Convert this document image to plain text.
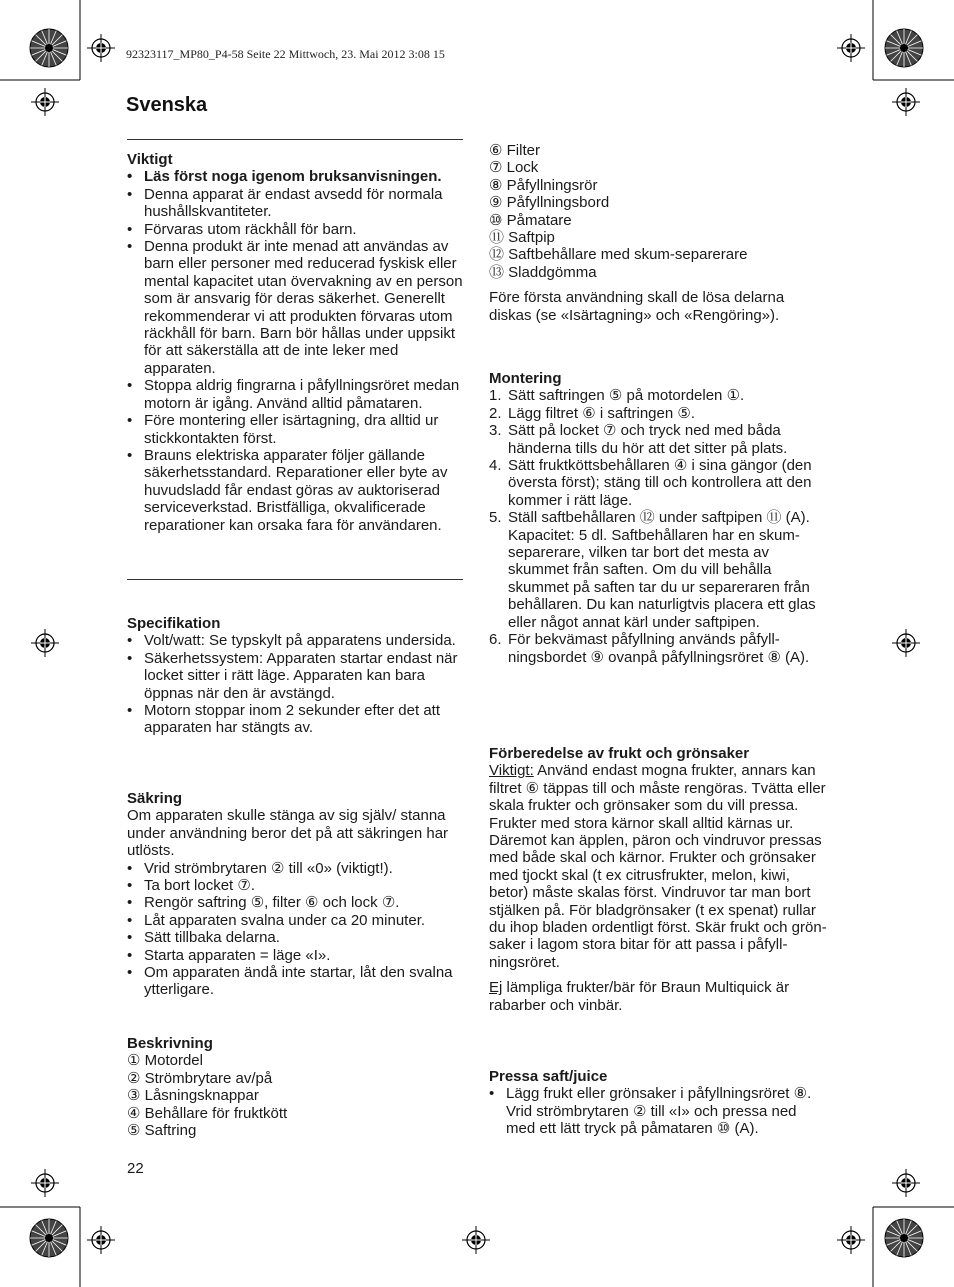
92323117_MP80_P4-58 Seite 22 Mittwoch, 23. Mai 2012 3:08 15
Svenska

Viktigt

• Läs först noga igenom bruksanvisningen.
• Denna apparat är endast avsedd för normala hushållskvantiteter.
• Förvaras utom räckhåll för barn.
• Denna produkt är inte menad att användas av barn eller personer med reducerad fyskisk eller mental kapacitet utan övervakning av en person som är ansvarig för deras säkerhet. Generellt rekommenderar vi att produkten förvaras utom räckhåll för barn. Barn bör hållas under uppsikt för att säkerställa att de inte leker med apparaten.
• Stoppa aldrig fingrarna i påfyllningsröret medan motorn är igång. Använd alltid påmataren.
• Före montering eller isärtagning, dra alltid ur stickkontakten först.
• Brauns elektriska apparater följer gällande säkerhetsstandard. Reparationer eller byte av huvudsladd får endast göras av auktoriserad serviceverkstad. Bristfälliga, okvalificerade reparationer kan orsaka fara för användaren.

Specifikation

• Volt/watt: Se typskylt på apparatens undersida.
• Säkerhetssystem: Apparaten startar endast när locket sitter i rätt läge. Apparaten kan bara öppnas när den är avstängd.
• Motorn stoppar inom 2 sekunder efter det att apparaten har stängts av.

Säkring

Om apparaten skulle stänga av sig själv/ stanna under användning beror det på att säkringen har utlösts.

• Vrid strömbrytaren ② till «0» (viktigt!).
• Ta bort locket ⑦.
• Rengör saftring ⑤, filter ⑥ och lock ⑦.
• Låt apparaten svalna under ca 20 minuter.
• Sätt tillbaka delarna.
• Starta apparaten = läge «I».
• Om apparaten ändå inte startar, låt den svalna ytterligare.

Beskrivning

① Motordel

② Strömbrytare av/på

③ Låsningsknappar

④ Behållare för fruktkött

⑤ Saftring

22

⑥ Filter

⑦ Lock

⑧ Påfyllningsrör

⑨ Påfyllningsbord

⑩ Påmatare

⑪ Saftpip

⑫ Saftbehållare med skum-separerare

⑬ Sladdgömma

Före första användning skall de lösa delarna diskas (se «Isärtagning» och «Rengöring»).

Montering

1. Sätt saftringen ⑤ på motordelen ①.
2. Lägg filtret ⑥ i saftringen ⑤.
3. Sätt på locket ⑦ och tryck ned med båda händerna tills du hör att det sitter på plats.
4. Sätt fruktköttsbehållaren ④ i sina gängor (den översta först); stäng till och kontrollera att den kommer i rätt läge.
5. Ställ saftbehållaren ⑫ under saftpipen ⑪ (A). Kapacitet: 5 dl. Saftbehållaren har en skum-separerare, vilken tar bort det mesta av skummet från saften. Om du vill behålla skummet på saften tar du ur separeraren från behållaren. Du kan naturligtvis placera ett glas eller något annat kärl under saftpipen.
6. För bekvämast påfyllning används påfyll-ningsbordet ⑨ ovanpå påfyllningsröret ⑧ (A).

Förberedelse av frukt och grönsaker

Viktigt: Använd endast mogna frukter, annars kan filtret ⑥ täppas till och måste rengöras. Tvätta eller skala frukter och grönsaker som du vill pressa. Frukter med stora kärnor skall alltid kärnas ur. Däremot kan äpplen, päron och vindruvor pressas med både skal och kärnor. Frukter och grönsaker med tjockt skal (t ex citrusfrukter, melon, kiwi, betor) måste skalas först. Vindruvor tar man bort stjälken på. För bladgrönsaker (t ex spenat) rullar du ihop bladen ordentligt först. Skär frukt och grön-saker i lagom stora bitar för att passa i påfyll-ningsröret.

Ej lämpliga frukter/bär för Braun Multiquick är rabarber och vinbär.

Pressa saft/juice

• Lägg frukt eller grönsaker i påfyllningsröret ⑧. Vrid strömbrytaren ② till «I» och pressa ned med ett lätt tryck på påmataren ⑩ (A).
